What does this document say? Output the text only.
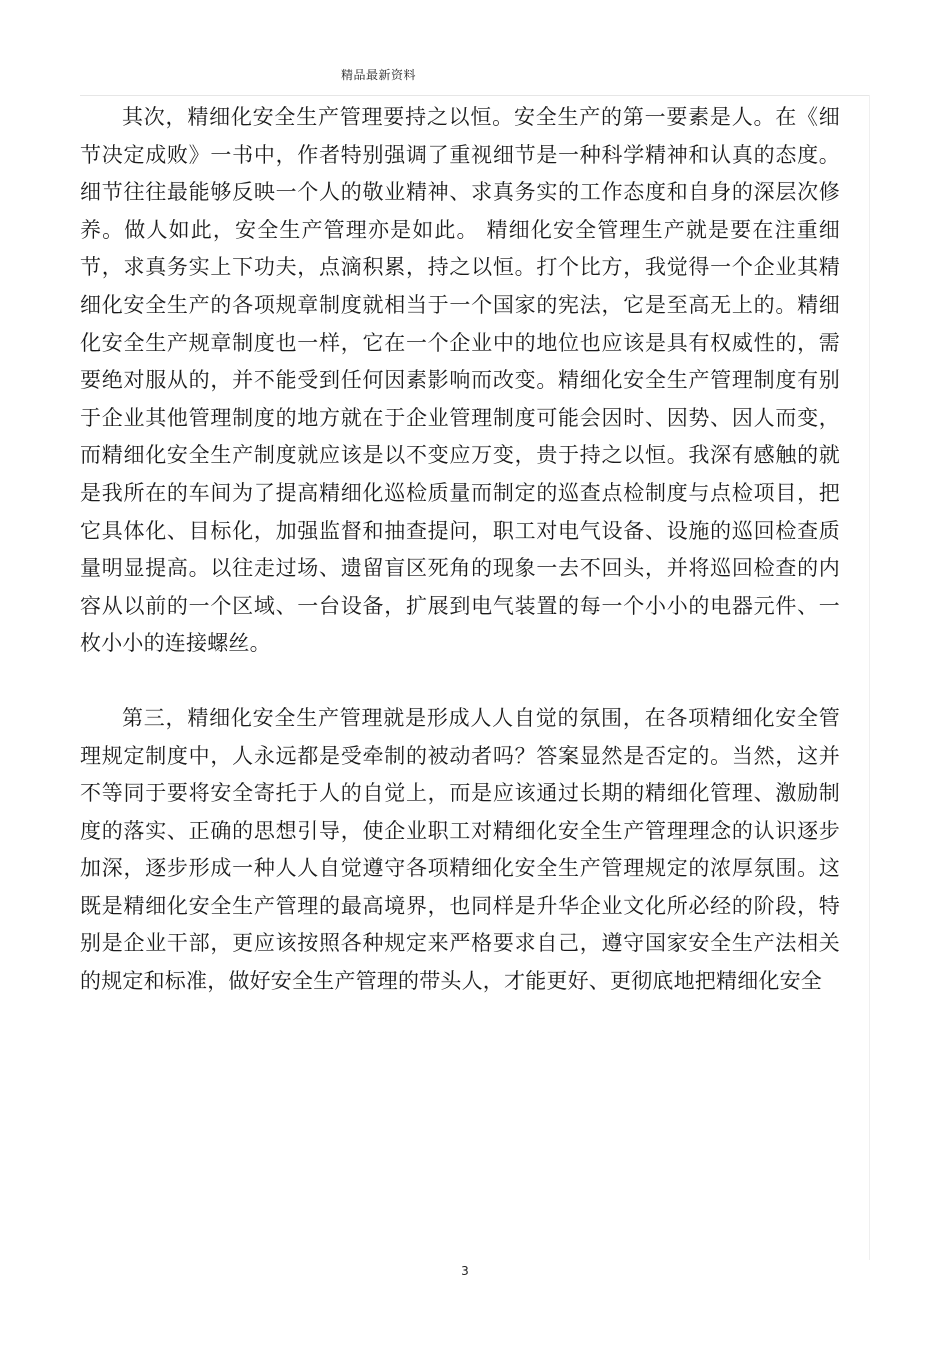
精品最新资料

其次，精细化安全生产管理要持之以恒。安全生产的第一要素是人。在《细节决定成败》一书中，作者特别强调了重视细节是一种科学精神和认真的态度。细节往往最能够反映一个人的敬业精神、求真务实的工作态度和自身的深层次修养。做人如此，安全生产管理亦是如此。 精细化安全管理生产就是要在注重细节，求真务实上下功夫，点滴积累，持之以恒。打个比方，我觉得一个企业其精细化安全生产的各项规章制度就相当于一个国家的宪法，它是至高无上的。精细化安全生产规章制度也一样，它在一个企业中的地位也应该是具有权威性的，需要绝对服从的，并不能受到任何因素影响而改变。精细化安全生产管理制度有别于企业其他管理制度的地方就在于企业管理制度可能会因时、因势、因人而变，而精细化安全生产制度就应该是以不变应万变，贵于持之以恒。我深有感触的就是我所在的车间为了提高精细化巡检质量而制定的巡查点检制度与点检项目，把它具体化、目标化，加强监督和抽查提问，职工对电气设备、设施的巡回检查质量明显提高。以往走过场、遗留盲区死角的现象一去不回头，并将巡回检查的内容从以前的一个区域、一台设备，扩展到电气装置的每一个小小的电器元件、一枚小小的连接螺丝。

第三，精细化安全生产管理就是形成人人自觉的氛围，在各项精细化安全管理规定制度中，人永远都是受牵制的被动者吗？答案显然是否定的。当然，这并不等同于要将安全寄托于人的自觉上，而是应该通过长期的精细化管理、激励制度的落实、正确的思想引导，使企业职工对精细化安全生产管理理念的认识逐步加深，逐步形成一种人人自觉遵守各项精细化安全生产管理规定的浓厚氛围。这既是精细化安全生产管理的最高境界，也同样是升华企业文化所必经的阶段，特别是企业干部，更应该按照各种规定来严格要求自己，遵守国家安全生产法相关的规定和标准，做好安全生产管理的带头人，才能更好、更彻底地把精细化安全

3
